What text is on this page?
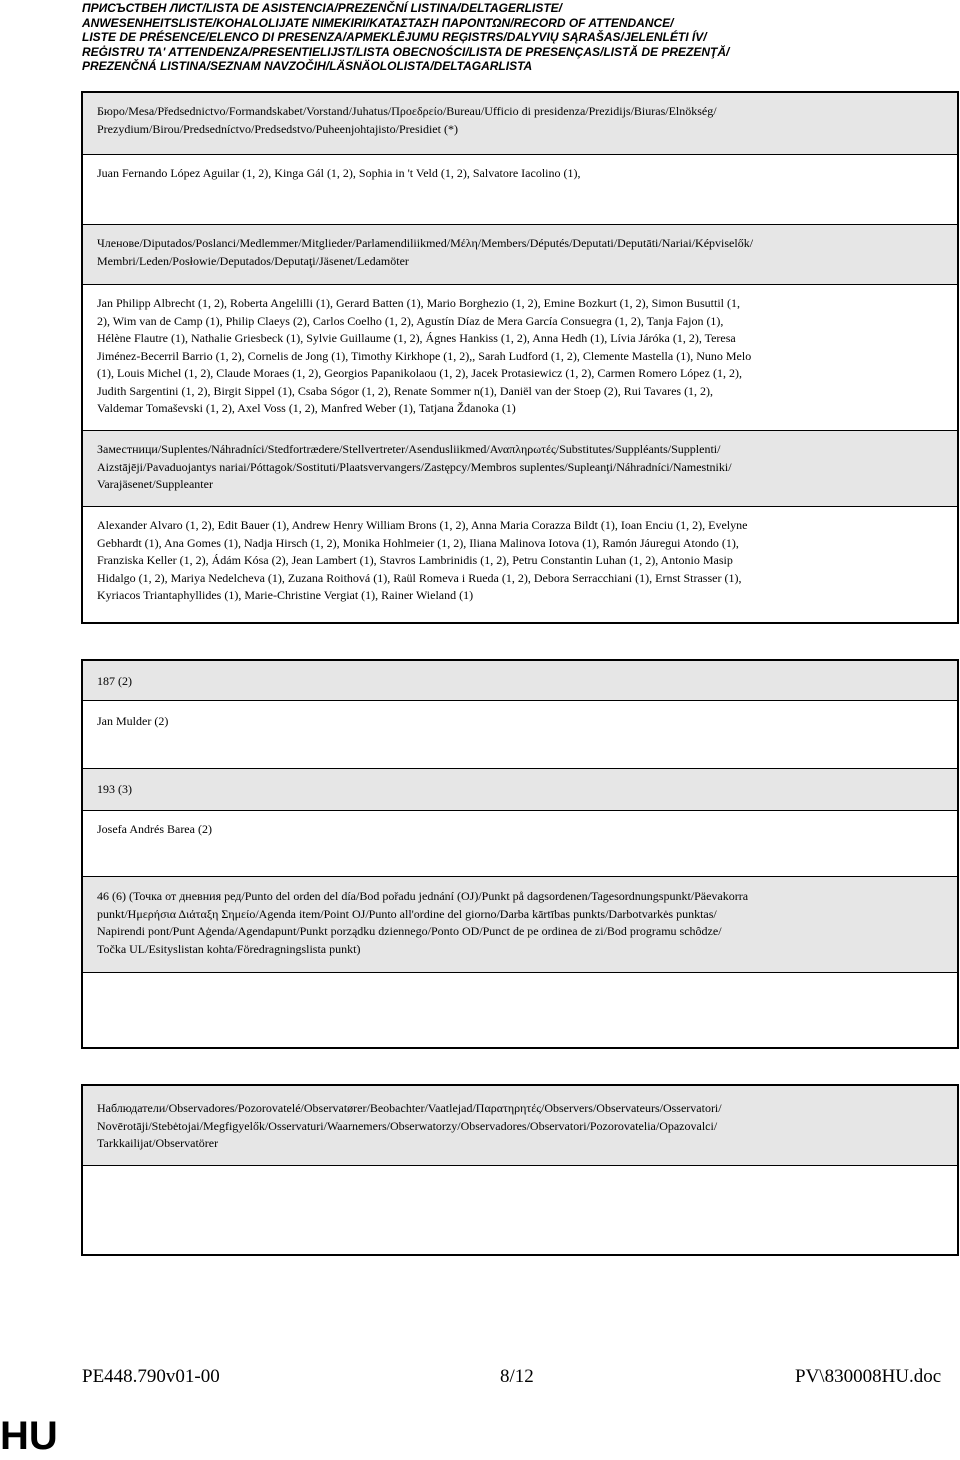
ПРИСЪСТВЕН ЛИСТ/LISTA DE ASISTENCIA/PREZENČNÍ LISTINA/DELTAGERLISTE/
ANWESENHEITSLISTE/KOHALOLIJATE NIMEKIRI/ΚΑΤΑΣΤΑΣΗ ΠΑΡΟΝΤΩΝ/RECORD OF ATTENDANCE/
LISTE DE PRÉSENCE/ELENCO DI PRESENZA/APMEKLĒJUMU REĢISTRS/DALYVIŲ SĄRAŠAS/JELENLÉTI ÍV/
REĠISTRU TA' ATTENDENZA/PRESENTIELIJST/LISTA OBECNOŚCI/LISTA DE PRESENÇAS/LISTĂ DE PREZENŢĂ/
PREZENČNÁ LISTINA/SEZNAM NAVZOČIH/LÄSNÄOLOLISTA/DELTAGARLISTA

Бюро/Mesa/Předsednictvo/Formandskabet/Vorstand/Juhatus/Προεδρείο/Bureau/Ufficio di presidenza/Prezidijs/Biuras/Elnökség/
Prezydium/Birou/Predsedníctvo/Predsedstvo/Puheenjohtajisto/Presidiet (*)

Juan Fernando López Aguilar (1, 2), Kinga Gál (1, 2), Sophia in 't Veld (1, 2), Salvatore Iacolino (1),

Членове/Diputados/Poslanci/Medlemmer/Mitglieder/Parlamendiliikmed/Μέλη/Members/Députés/Deputati/Deputāti/Nariai/Képviselők/
Membri/Leden/Posłowie/Deputados/Deputaţi/Jäsenet/Ledamöter

Jan Philipp Albrecht (1, 2), Roberta Angelilli (1), Gerard Batten (1), Mario Borghezio (1, 2), Emine Bozkurt (1, 2), Simon Busuttil (1,
2), Wim van de Camp (1), Philip Claeys (2), Carlos Coelho (1, 2), Agustín Díaz de Mera García Consuegra (1, 2), Tanja Fajon (1),
Hélène Flautre (1), Nathalie Griesbeck (1), Sylvie Guillaume (1, 2), Ágnes Hankiss (1, 2), Anna Hedh (1), Lívia Járóka (1, 2), Teresa
Jiménez-Becerril Barrio (1, 2), Cornelis de Jong (1), Timothy Kirkhope (1, 2),, Sarah Ludford (1, 2), Clemente Mastella (1), Nuno Melo
(1), Louis Michel (1, 2), Claude Moraes (1, 2), Georgios Papanikolaou (1, 2), Jacek Protasiewicz (1, 2), Carmen Romero López (1, 2),
Judith Sargentini (1, 2), Birgit Sippel (1), Csaba Sógor (1, 2), Renate Sommer n(1), Daniël van der Stoep (2), Rui Tavares (1, 2),
Valdemar Tomaševski (1, 2), Axel Voss (1, 2), Manfred Weber (1), Tatjana Ždanoka (1)

Заместници/Suplentes/Náhradníci/Stedfortrædere/Stellvertreter/Asendusliikmed/Αναπληρωτές/Substitutes/Suppléants/Supplenti/
Aizstājēji/Pavaduojantys nariai/Póttagok/Sostituti/Plaatsvervangers/Zastępcy/Membros suplentes/Supleanţi/Náhradníci/Namestniki/
Varajäsenet/Suppleanter

Alexander Alvaro (1, 2), Edit Bauer (1), Andrew Henry William Brons (1, 2), Anna Maria Corazza Bildt (1), Ioan Enciu (1, 2), Evelyne
Gebhardt (1), Ana Gomes (1), Nadja Hirsch (1, 2), Monika Hohlmeier (1, 2), Iliana Malinova Iotova (1), Ramón Jáuregui Atondo (1),
Franziska Keller (1, 2), Ádám Kósa (2), Jean Lambert (1), Stavros Lambrinidis (1, 2), Petru Constantin Luhan (1, 2), Antonio Masip
Hidalgo (1, 2), Mariya Nedelcheva (1), Zuzana Roithová (1), Raül Romeva i Rueda (1, 2), Debora Serracchiani (1), Ernst Strasser (1),
Kyriacos Triantaphyllides (1), Marie-Christine Vergiat (1), Rainer Wieland (1)

187 (2)

Jan Mulder (2)

193 (3)

Josefa Andrés Barea (2)

46 (6) (Точка от дневния ред/Punto del orden del día/Bod pořadu jednání (OJ)/Punkt på dagsordenen/Tagesordnungspunkt/Päevakorra
punkt/Ημερήσια Διάταξη Σημείο/Agenda item/Point OJ/Punto all'ordine del giorno/Darba kārtības punkts/Darbotvarkės punktas/
Napirendi pont/Punt Aġenda/Agendapunt/Punkt porządku dziennego/Ponto OD/Punct de pe ordinea de zi/Bod programu schôdze/
Točka UL/Esityslistan kohta/Föredragningslista punkt)

Наблюдатели/Observadores/Pozorovatelé/Observatører/Beobachter/Vaatlejad/Παρατηρητές/Observers/Observateurs/Osservatori/
Novērotāji/Stebėtojai/Megfigyelők/Osservaturi/Waarnemers/Obserwatorzy/Observadores/Observatori/Pozorovatelia/Opazovalci/
Tarkkailijat/Observatörer

PE448.790v01-00	8/12	PV\830008HU.doc
HU
